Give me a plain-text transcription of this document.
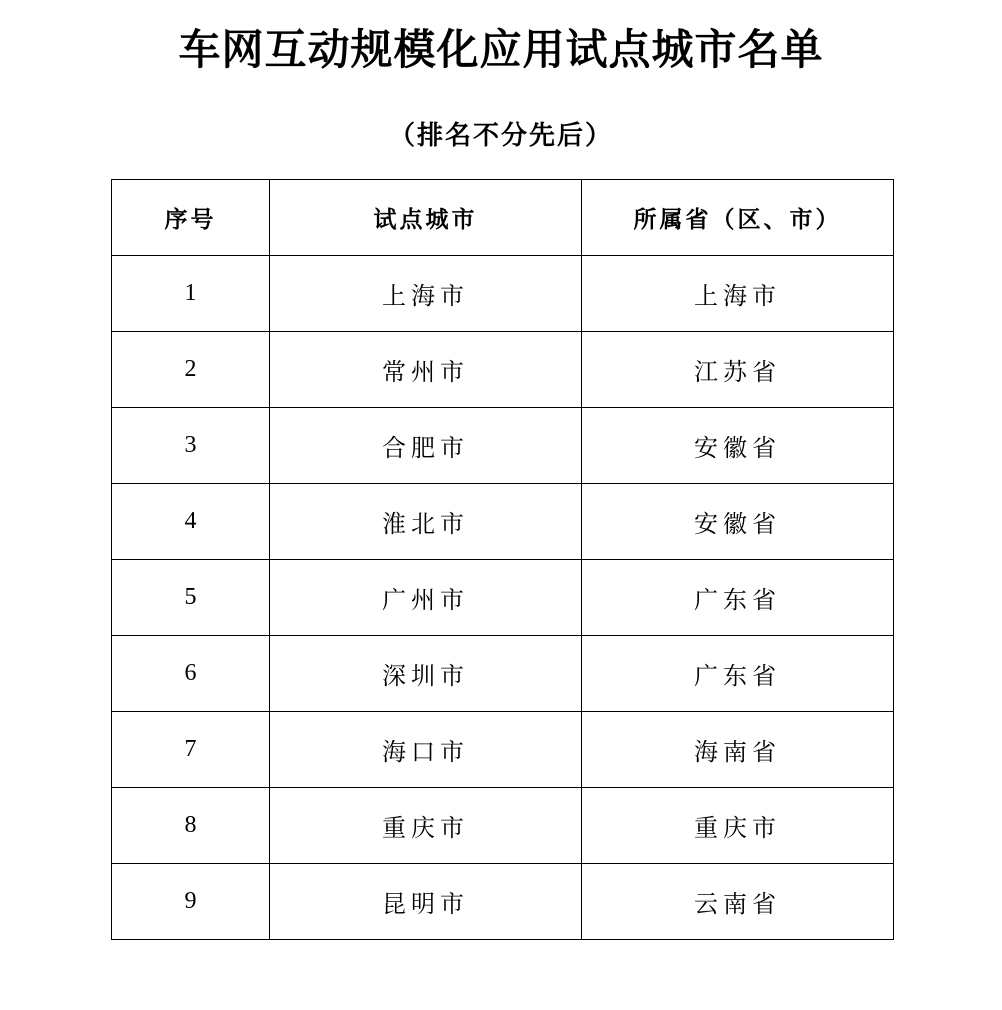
车网互动规模化应用试点城市名单
（排名不分先后）
序号	试点城市	所属省（区、市）
1	上海市	上海市
2	常州市	江苏省
3	合肥市	安徽省
4	淮北市	安徽省
5	广州市	广东省
6	深圳市	广东省
7	海口市	海南省
8	重庆市	重庆市
9	昆明市	云南省
